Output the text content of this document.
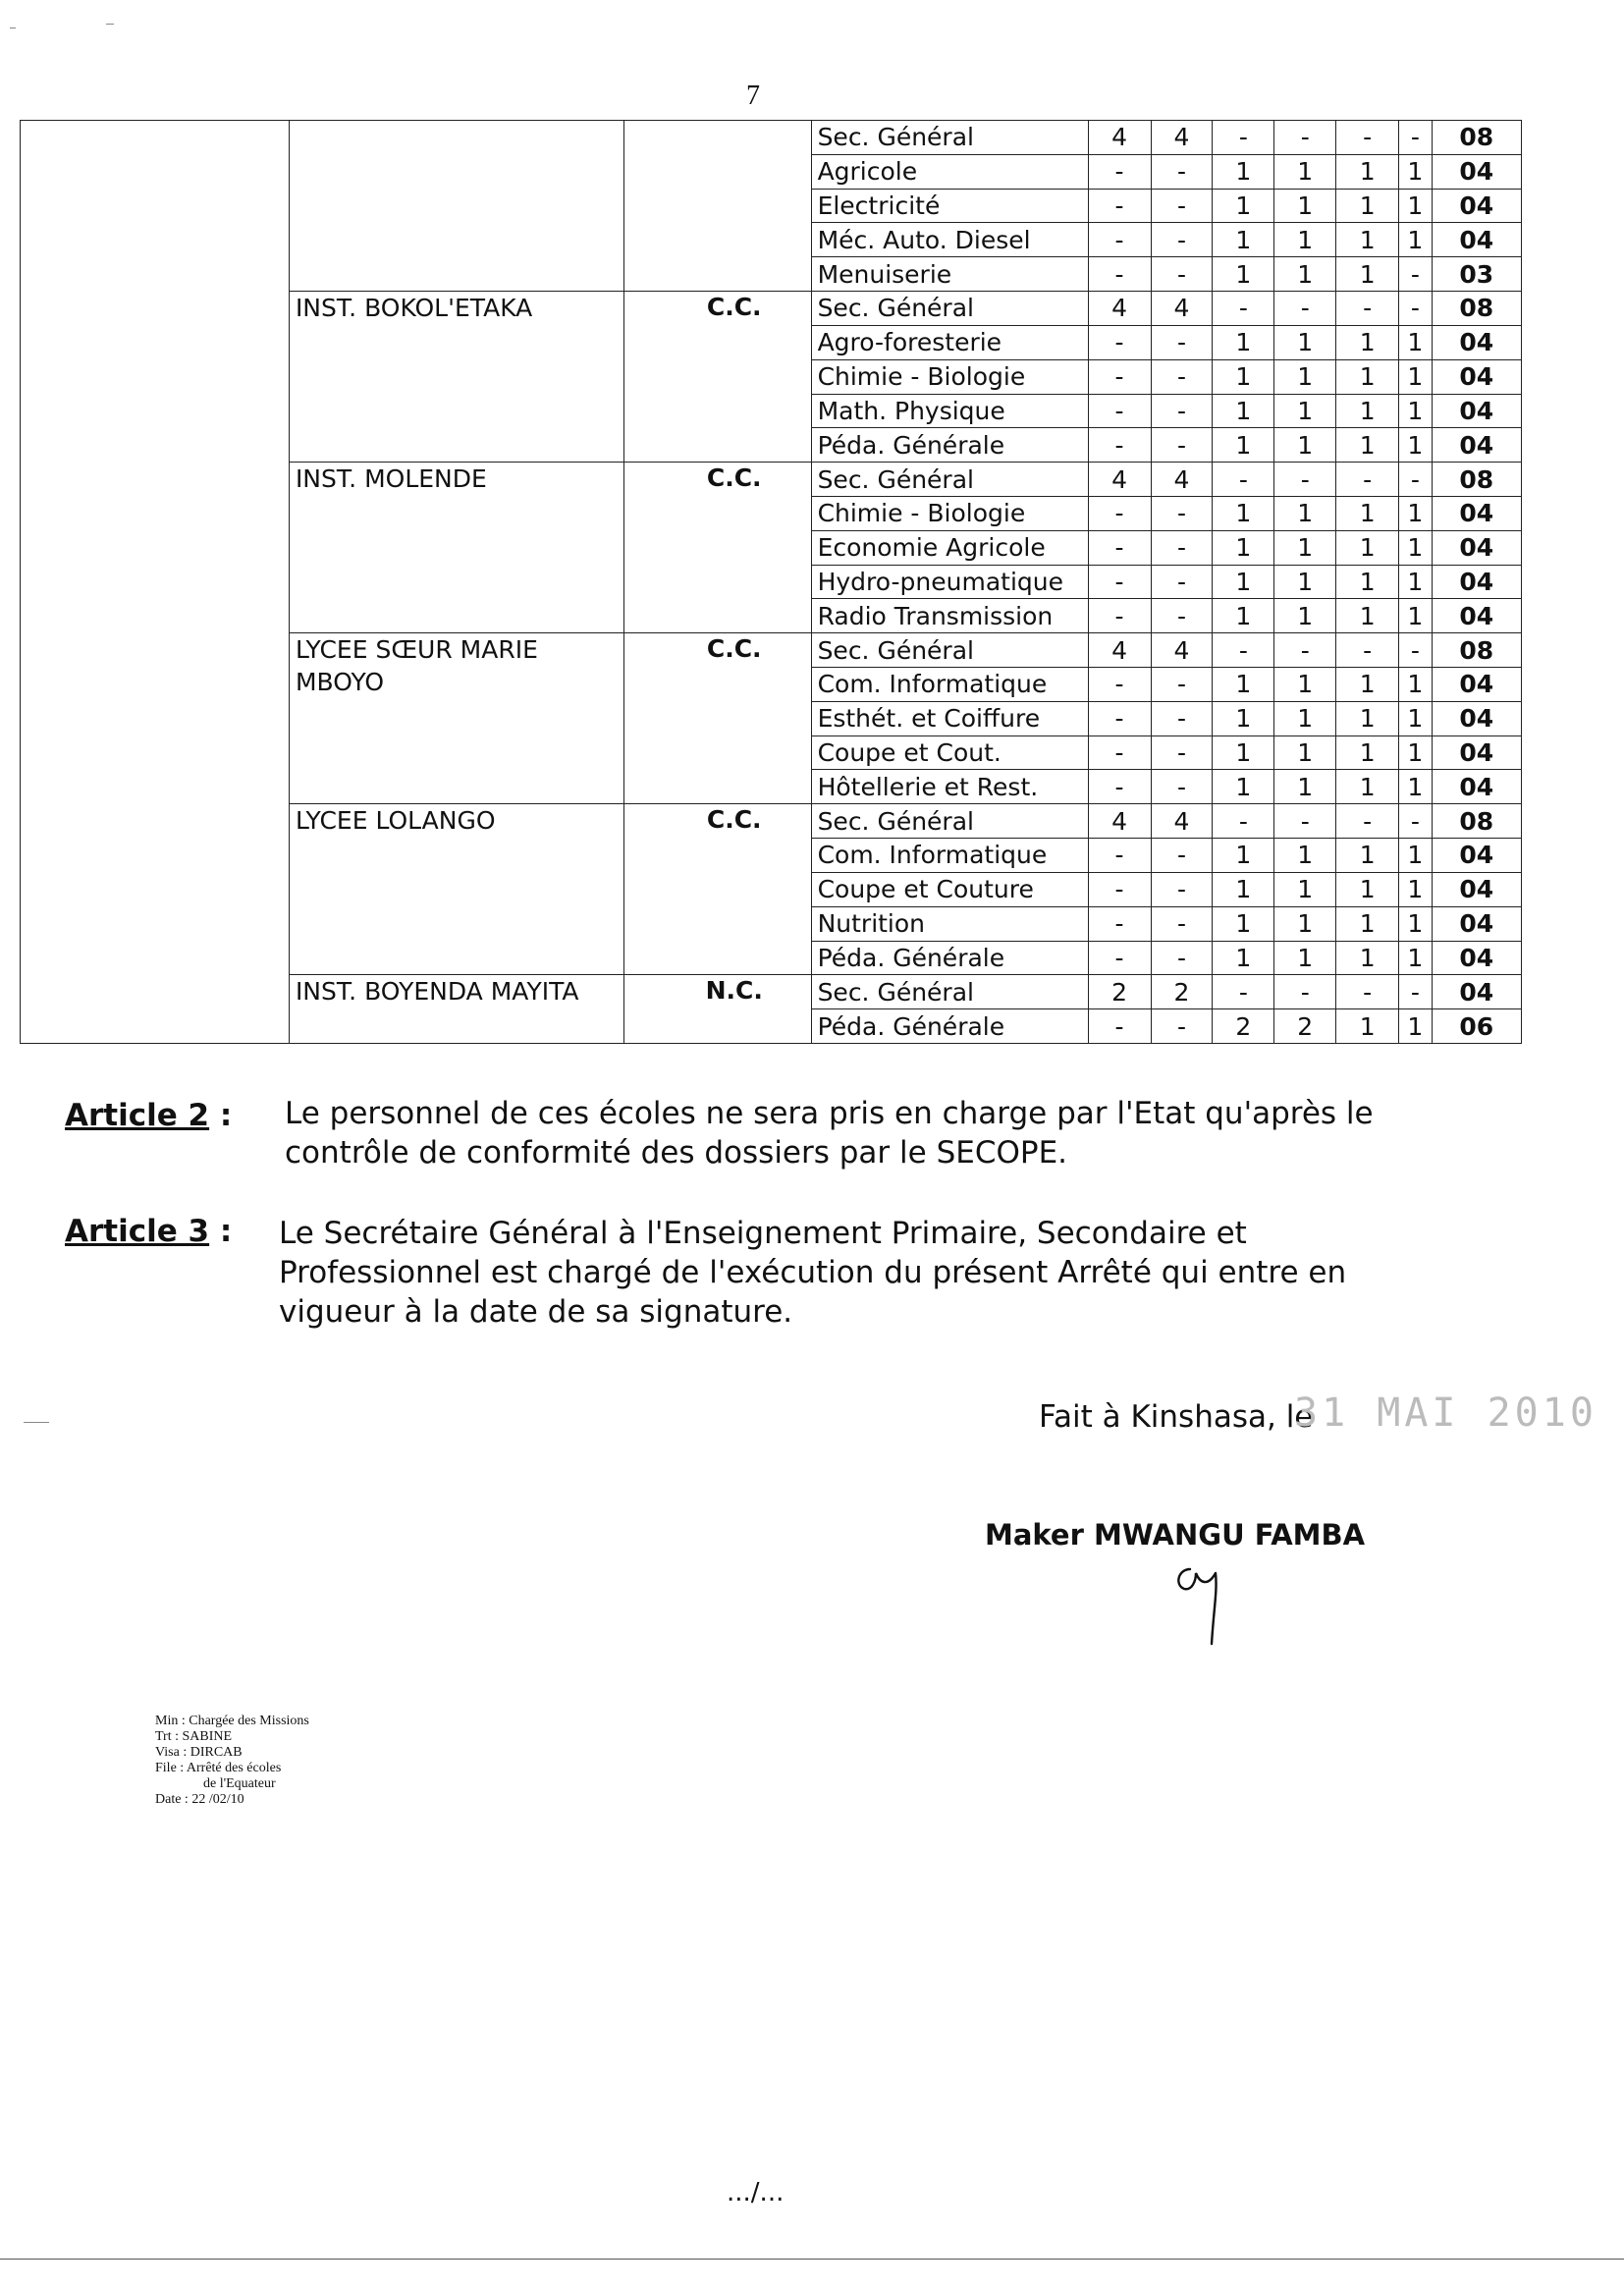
7
			Sec. Général	4	4	-	-	-	-	08
			Agricole	-	-	1	1	1	1	04
			Electricité	-	-	1	1	1	1	04
			Méc. Auto. Diesel	-	-	1	1	1	1	04
			Menuiserie	-	-	1	1	1	-	03
	INST. BOKOL'ETAKA	C.C.	Sec. Général	4	4	-	-	-	-	08
			Agro-foresterie	-	-	1	1	1	1	04
			Chimie - Biologie	-	-	1	1	1	1	04
			Math. Physique	-	-	1	1	1	1	04
			Péda. Générale	-	-	1	1	1	1	04
	INST. MOLENDE	C.C.	Sec. Général	4	4	-	-	-	-	08
			Chimie - Biologie	-	-	1	1	1	1	04
			Economie Agricole	-	-	1	1	1	1	04
			Hydro-pneumatique	-	-	1	1	1	1	04
			Radio Transmission	-	-	1	1	1	1	04
	LYCEE SŒUR MARIE MBOYO	C.C.	Sec. Général	4	4	-	-	-	-	08
			Com. Informatique	-	-	1	1	1	1	04
			Esthét. et Coiffure	-	-	1	1	1	1	04
			Coupe et Cout.	-	-	1	1	1	1	04
			Hôtellerie et Rest.	-	-	1	1	1	1	04
	LYCEE LOLANGO	C.C.	Sec. Général	4	4	-	-	-	-	08
			Com. Informatique	-	-	1	1	1	1	04
			Coupe et Couture	-	-	1	1	1	1	04
			Nutrition	-	-	1	1	1	1	04
			Péda. Générale	-	-	1	1	1	1	04
	INST. BOYENDA MAYITA	N.C.	Sec. Général	2	2	-	-	-	-	04
			Péda. Générale	-	-	2	2	1	1	06
Article 2 : Le personnel de ces écoles ne sera pris en charge par l'Etat qu'après le contrôle de conformité des dossiers par le SECOPE.
Article 3 : Le Secrétaire Général à l'Enseignement Primaire, Secondaire et Professionnel est chargé de l'exécution du présent Arrêté qui entre en vigueur à la date de sa signature.
Fait à Kinshasa, le
31 MAI 2010
Maker MWANGU FAMBA
Min : Chargée des Missions
Trt : SABINE
Visa : DIRCAB
File : Arrêté des écoles
de l'Equateur
Date : 22 /02/10
.../...
